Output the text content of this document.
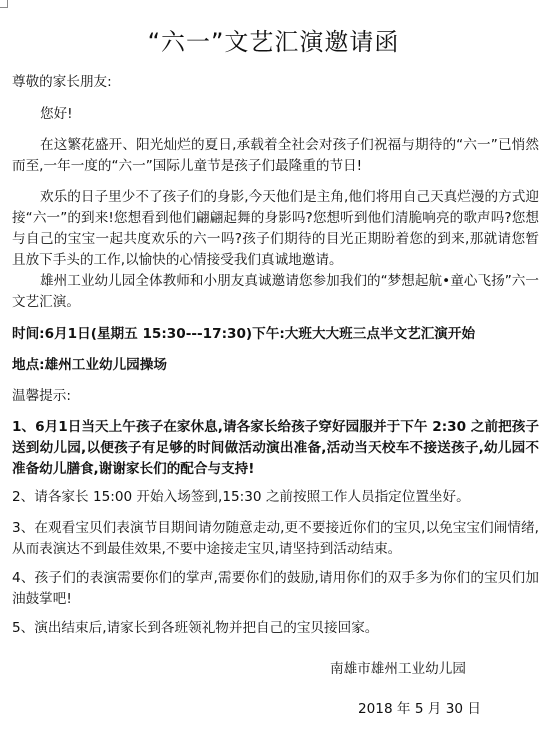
“六一”文艺汇演邀请函

尊敬的家长朋友:

您好!

在这繁花盛开、阳光灿烂的夏日,承载着全社会对孩子们祝福与期待的“六一”已悄然而至,一年一度的“六一”国际儿童节是孩子们最隆重的节日!

欢乐的日子里少不了孩子们的身影,今天他们是主角,他们将用自己天真烂漫的方式迎接“六一”的到来!您想看到他们翩翩起舞的身影吗?您想听到他们清脆响亮的歌声吗?您想与自己的宝宝一起共度欢乐的六一吗?孩子们期待的目光正期盼着您的到来,那就请您暂且放下手头的工作,以愉快的心情接受我们真诚地邀请。

雄州工业幼儿园全体教师和小朋友真诚邀请您参加我们的“梦想起航•童心飞扬”六一文艺汇演。

时间:6月1日(星期五 15:30---17:30)下午:大班大大班三点半文艺汇演开始

地点:雄州工业幼儿园操场

温馨提示:

1、6月1日当天上午孩子在家休息,请各家长给孩子穿好园服并于下午 2:30 之前把孩子送到幼儿园,以便孩子有足够的时间做活动演出准备,活动当天校车不接送孩子,幼儿园不准备幼儿膳食,谢谢家长们的配合与支持!

2、请各家长 15:00 开始入场签到,15:30 之前按照工作人员指定位置坐好。

3、在观看宝贝们表演节目期间请勿随意走动,更不要接近你们的宝贝,以免宝宝们闹情绪,从而表演达不到最佳效果,不要中途接走宝贝,请坚持到活动结束。

4、孩子们的表演需要你们的掌声,需要你们的鼓励,请用你们的双手多为你们的宝贝们加油鼓掌吧!

5、演出结束后,请家长到各班领礼物并把自己的宝贝接回家。

南雄市雄州工业幼儿园
2018 年 5 月 30 日
